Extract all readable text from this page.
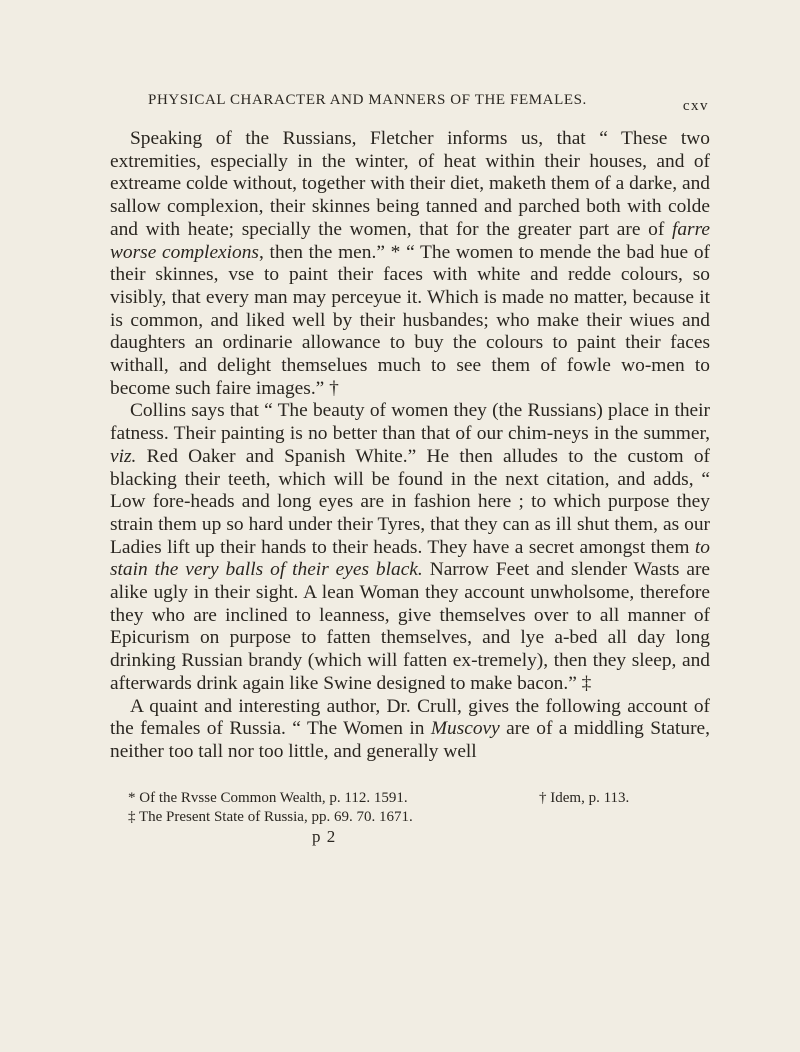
PHYSICAL CHARACTER AND MANNERS OF THE FEMALES.	cxv

Speaking of the Russians, Fletcher informs us, that “ These two extremities, especially in the winter, of heat within their houses, and of extreame colde without, together with their diet, maketh them of a darke, and sallow complexion, their skinnes being tanned and parched both with colde and with heate; specially the women, that for the greater part are of farre worse complexions, then the men.” * “ The women to mende the bad hue of their skinnes, vse to paint their faces with white and redde colours, so visibly, that every man may perceyue it. Which is made no matter, because it is common, and liked well by their husbandes; who make their wiues and daughters an ordinarie allowance to buy the colours to paint their faces withall, and delight themselues much to see them of fowle wo-men to become such faire images.” †

Collins says that “ The beauty of women they (the Russians) place in their fatness. Their painting is no better than that of our chim-neys in the summer, viz. Red Oaker and Spanish White.” He then alludes to the custom of blacking their teeth, which will be found in the next citation, and adds, “ Low fore-heads and long eyes are in fashion here ; to which purpose they strain them up so hard under their Tyres, that they can as ill shut them, as our Ladies lift up their hands to their heads. They have a secret amongst them to stain the very balls of their eyes black. Narrow Feet and slender Wasts are alike ugly in their sight. A lean Woman they account unwholsome, therefore they who are inclined to leanness, give themselves over to all manner of Epicurism on purpose to fatten themselves, and lye a-bed all day long drinking Russian brandy (which will fatten ex-tremely), then they sleep, and afterwards drink again like Swine designed to make bacon.” ‡

A quaint and interesting author, Dr. Crull, gives the following account of the females of Russia. “ The Women in Muscovy are of a middling Stature, neither too tall nor too little, and generally well

* Of the Rvsse Common Wealth, p. 112. 1591.	† Idem, p. 113.
‡ The Present State of Russia, pp. 69. 70. 1671.
p 2
